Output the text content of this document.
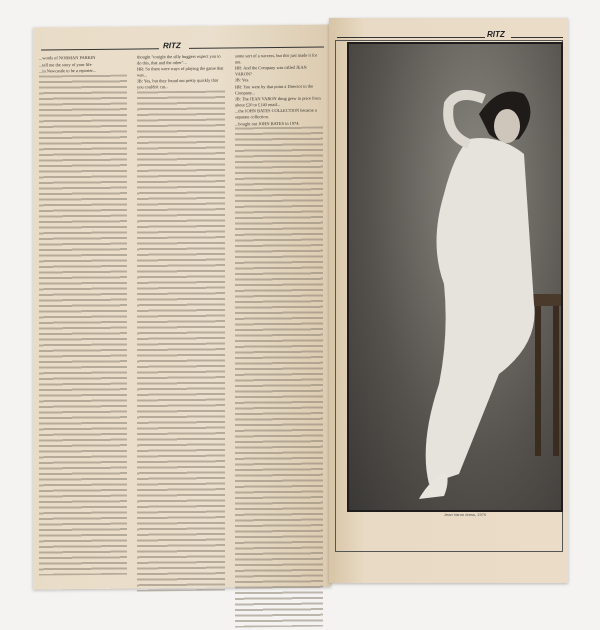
RITZ

...words of NORMAN PARKIN

...tell me the story of your life

...in Newcastle to be a reporter...

thought "tonight the silly buggers expect you to do this, that and the other"...

HR: So there were ways of playing the game that was...

JB: Yes, but they found out pretty quickly that you couldn't cut...

some sort of a success, but this just made it for me.

HR: And the Company was called JEAN VARON?

JB: Yes.

HR: You were by that point a Director in the Company...

JB: The JEAN VARON thing grew in price from about £20 to £140 retail...

...the JOHN BATES COLLECTION became a separate collection.

...bought out JOHN BATES in 1974.

RITZ
Jean Varon dress, 1970
